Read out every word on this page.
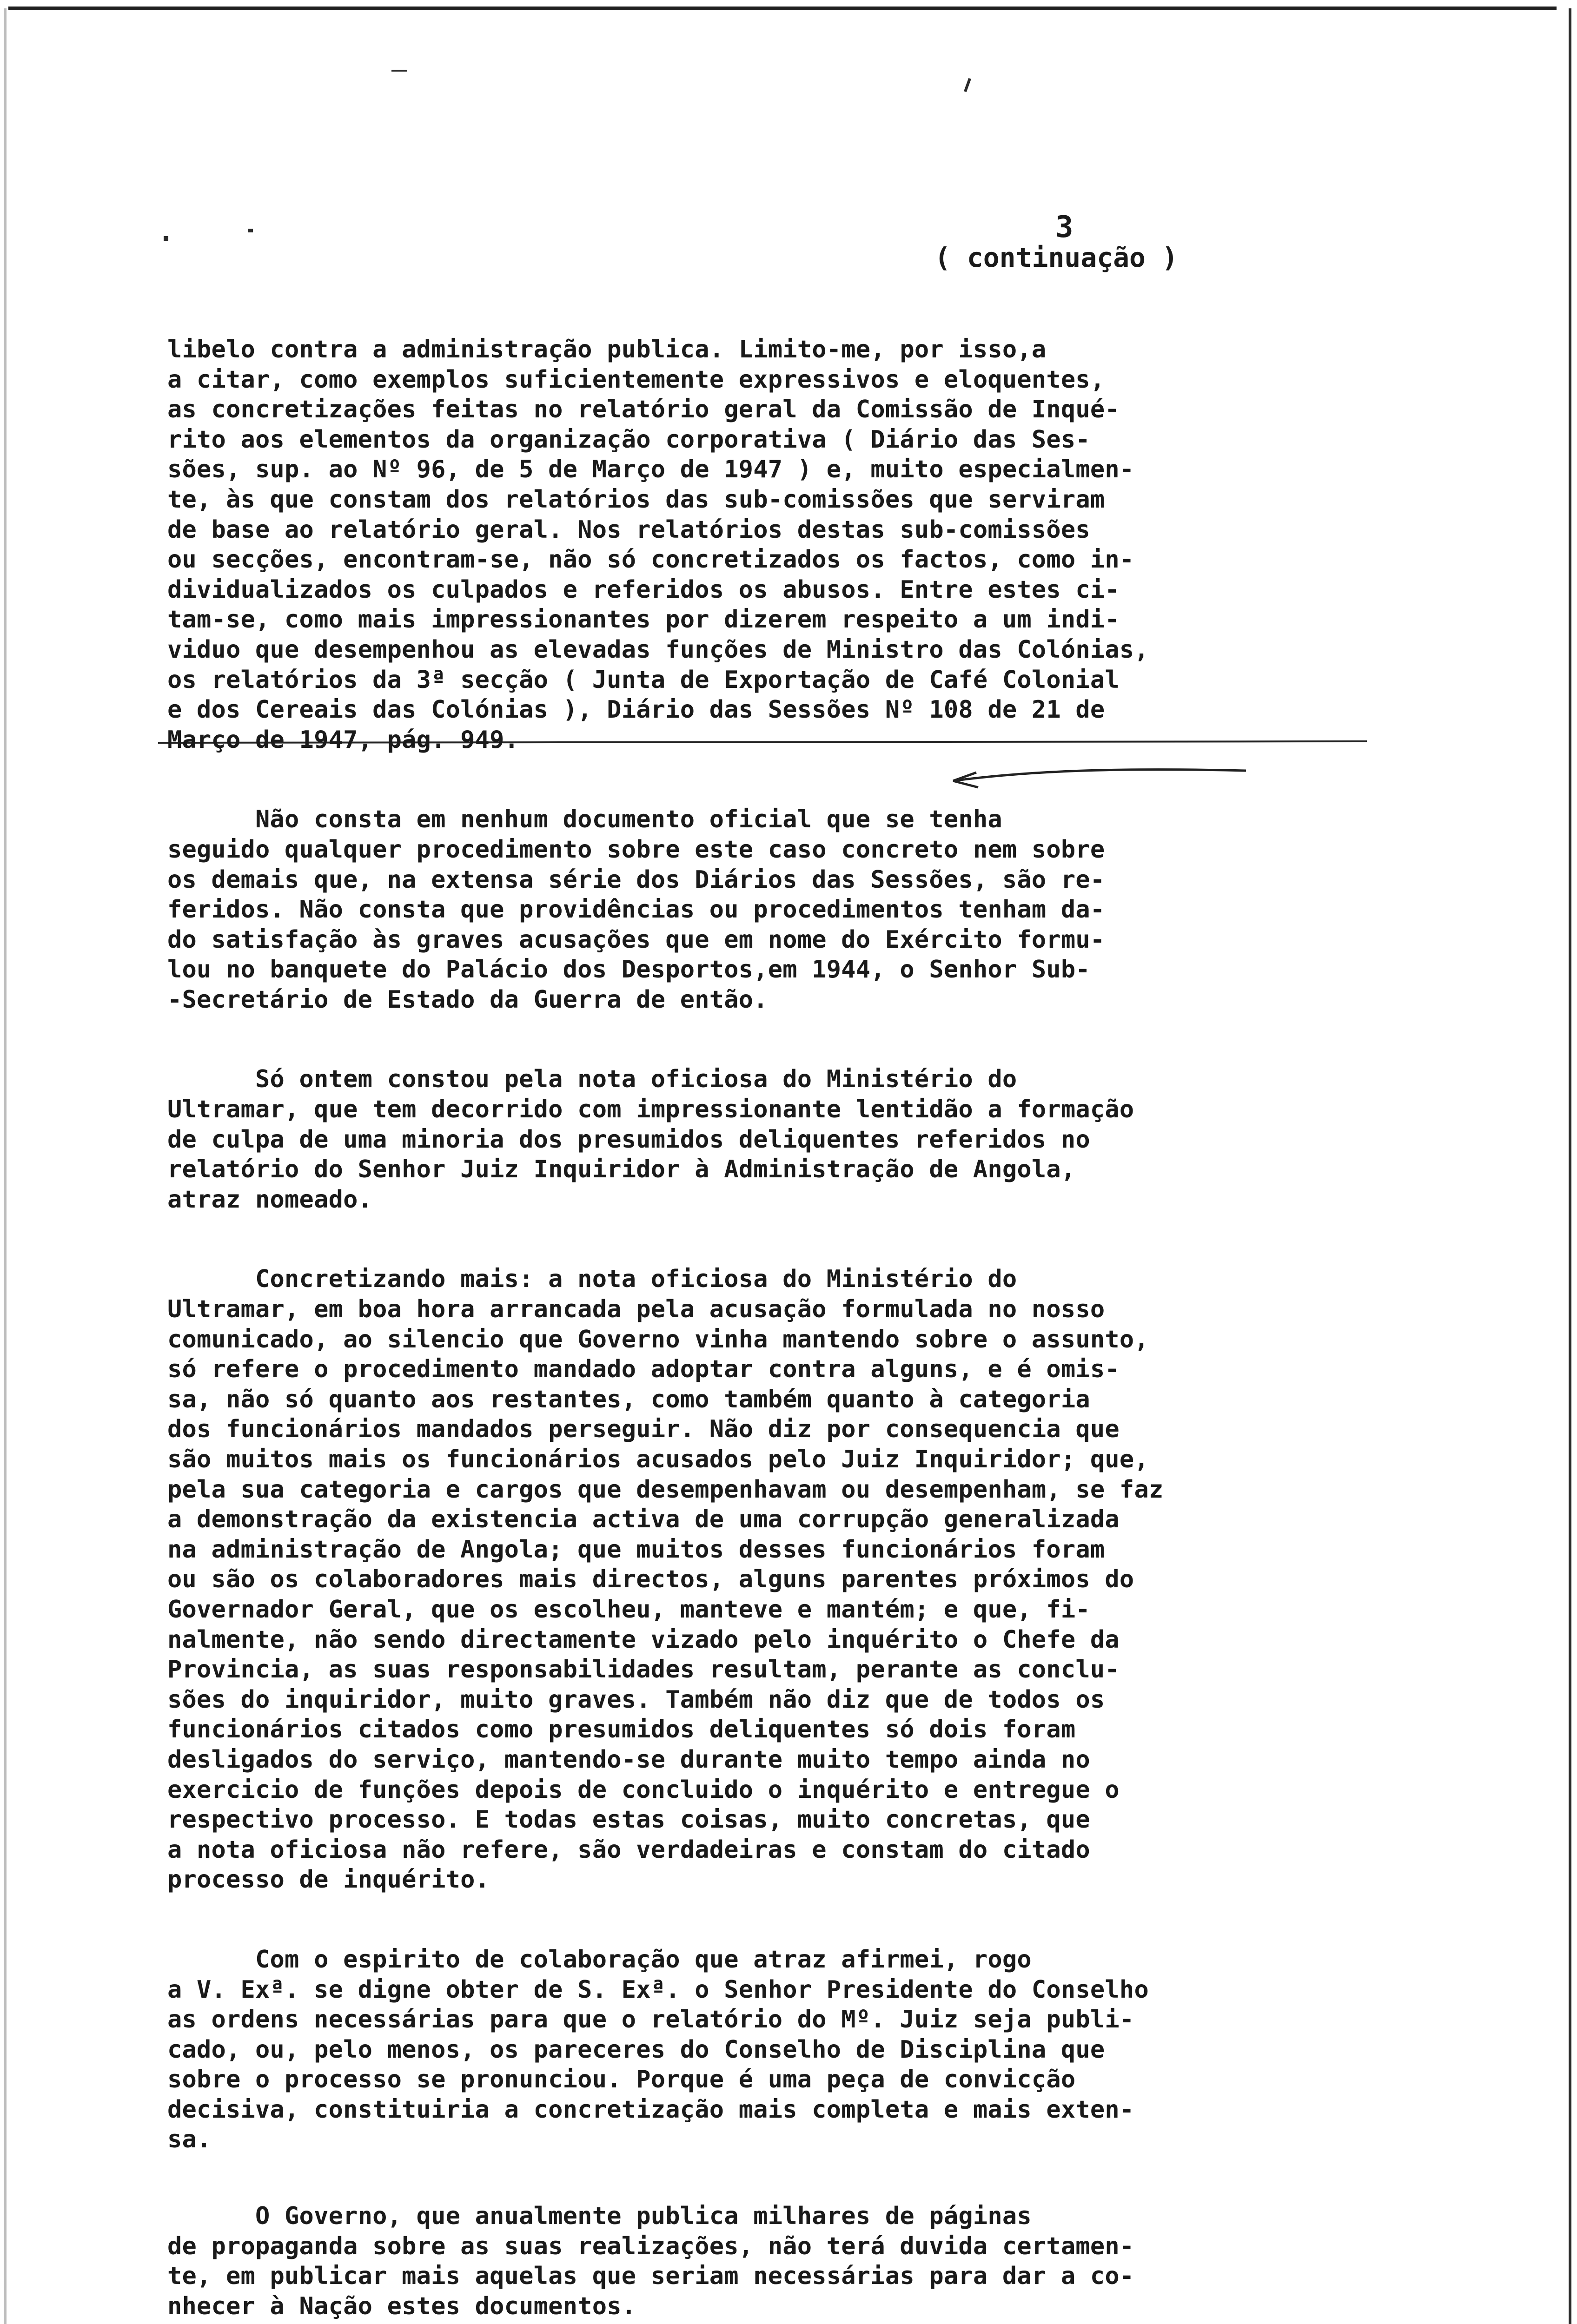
3
( continuação )
libelo contra a administração publica. Limito-me, por isso,a
a citar, como exemplos suficientemente expressivos e eloquentes,
as concretizações feitas no relatório geral da Comissão de Inqué-
rito aos elementos da organização corporativa ( Diário das Ses-
sões, sup. ao Nº 96, de 5 de Março de 1947 ) e, muito especialmen-
te, às que constam dos relatórios das sub-comissões que serviram
de base ao relatório geral. Nos relatórios destas sub-comissões
ou secções, encontram-se, não só concretizados os factos, como in-
dividualizados os culpados e referidos os abusos. Entre estes ci-
tam-se, como mais impressionantes por dizerem respeito a um indi-
viduo que desempenhou as elevadas funções de Ministro das Colónias,
os relatórios da 3ª secção ( Junta de Exportação de Café Colonial
e dos Cereais das Colónias ), Diário das Sessões Nº 108 de 21 de
Março de 1947, pág. 949.
Não consta em nenhum documento oficial que se tenha
seguido qualquer procedimento sobre este caso concreto nem sobre
os demais que, na extensa série dos Diários das Sessões, são re-
feridos. Não consta que providências ou procedimentos tenham da-
do satisfação às graves acusações que em nome do Exército formu-
lou no banquete do Palácio dos Desportos,em 1944, o Senhor Sub-
-Secretário de Estado da Guerra de então.
Só ontem constou pela nota oficiosa do Ministério do
Ultramar, que tem decorrido com impressionante lentidão a formação
de culpa de uma minoria dos presumidos deliquentes referidos no
relatório do Senhor Juiz Inquiridor à Administração de Angola,
atraz nomeado.
Concretizando mais: a nota oficiosa do Ministério do
Ultramar, em boa hora arrancada pela acusação formulada no nosso
comunicado, ao silencio que Governo vinha mantendo sobre o assunto,
só refere o procedimento mandado adoptar contra alguns, e é omis-
sa, não só quanto aos restantes, como também quanto à categoria
dos funcionários mandados perseguir. Não diz por consequencia que
são muitos mais os funcionários acusados pelo Juiz Inquiridor; que,
pela sua categoria e cargos que desempenhavam ou desempenham, se faz
a demonstração da existencia activa de uma corrupção generalizada
na administração de Angola; que muitos desses funcionários foram
ou são os colaboradores mais directos, alguns parentes próximos do
Governador Geral, que os escolheu, manteve e mantém; e que, fi-
nalmente, não sendo directamente vizado pelo inquérito o Chefe da
Provincia, as suas responsabilidades resultam, perante as conclu-
sões do inquiridor, muito graves. Também não diz que de todos os
funcionários citados como presumidos deliquentes só dois foram
desligados do serviço, mantendo-se durante muito tempo ainda no
exercicio de funções depois de concluido o inquérito e entregue o
respectivo processo. E todas estas coisas, muito concretas, que
a nota oficiosa não refere, são verdadeiras e constam do citado
processo de inquérito.
Com o espirito de colaboração que atraz afirmei, rogo
a V. Exª. se digne obter de S. Exª. o Senhor Presidente do Conselho
as ordens necessárias para que o relatório do Mº. Juiz seja publi-
cado, ou, pelo menos, os pareceres do Conselho de Disciplina que
sobre o processo se pronunciou. Porque é uma peça de convicção
decisiva, constituiria a concretização mais completa e mais exten-
sa.
O Governo, que anualmente publica milhares de páginas
de propaganda sobre as suas realizações, não terá duvida certamen-
te, em publicar mais aquelas que seriam necessárias para dar a co-
nhecer à Nação estes documentos.
